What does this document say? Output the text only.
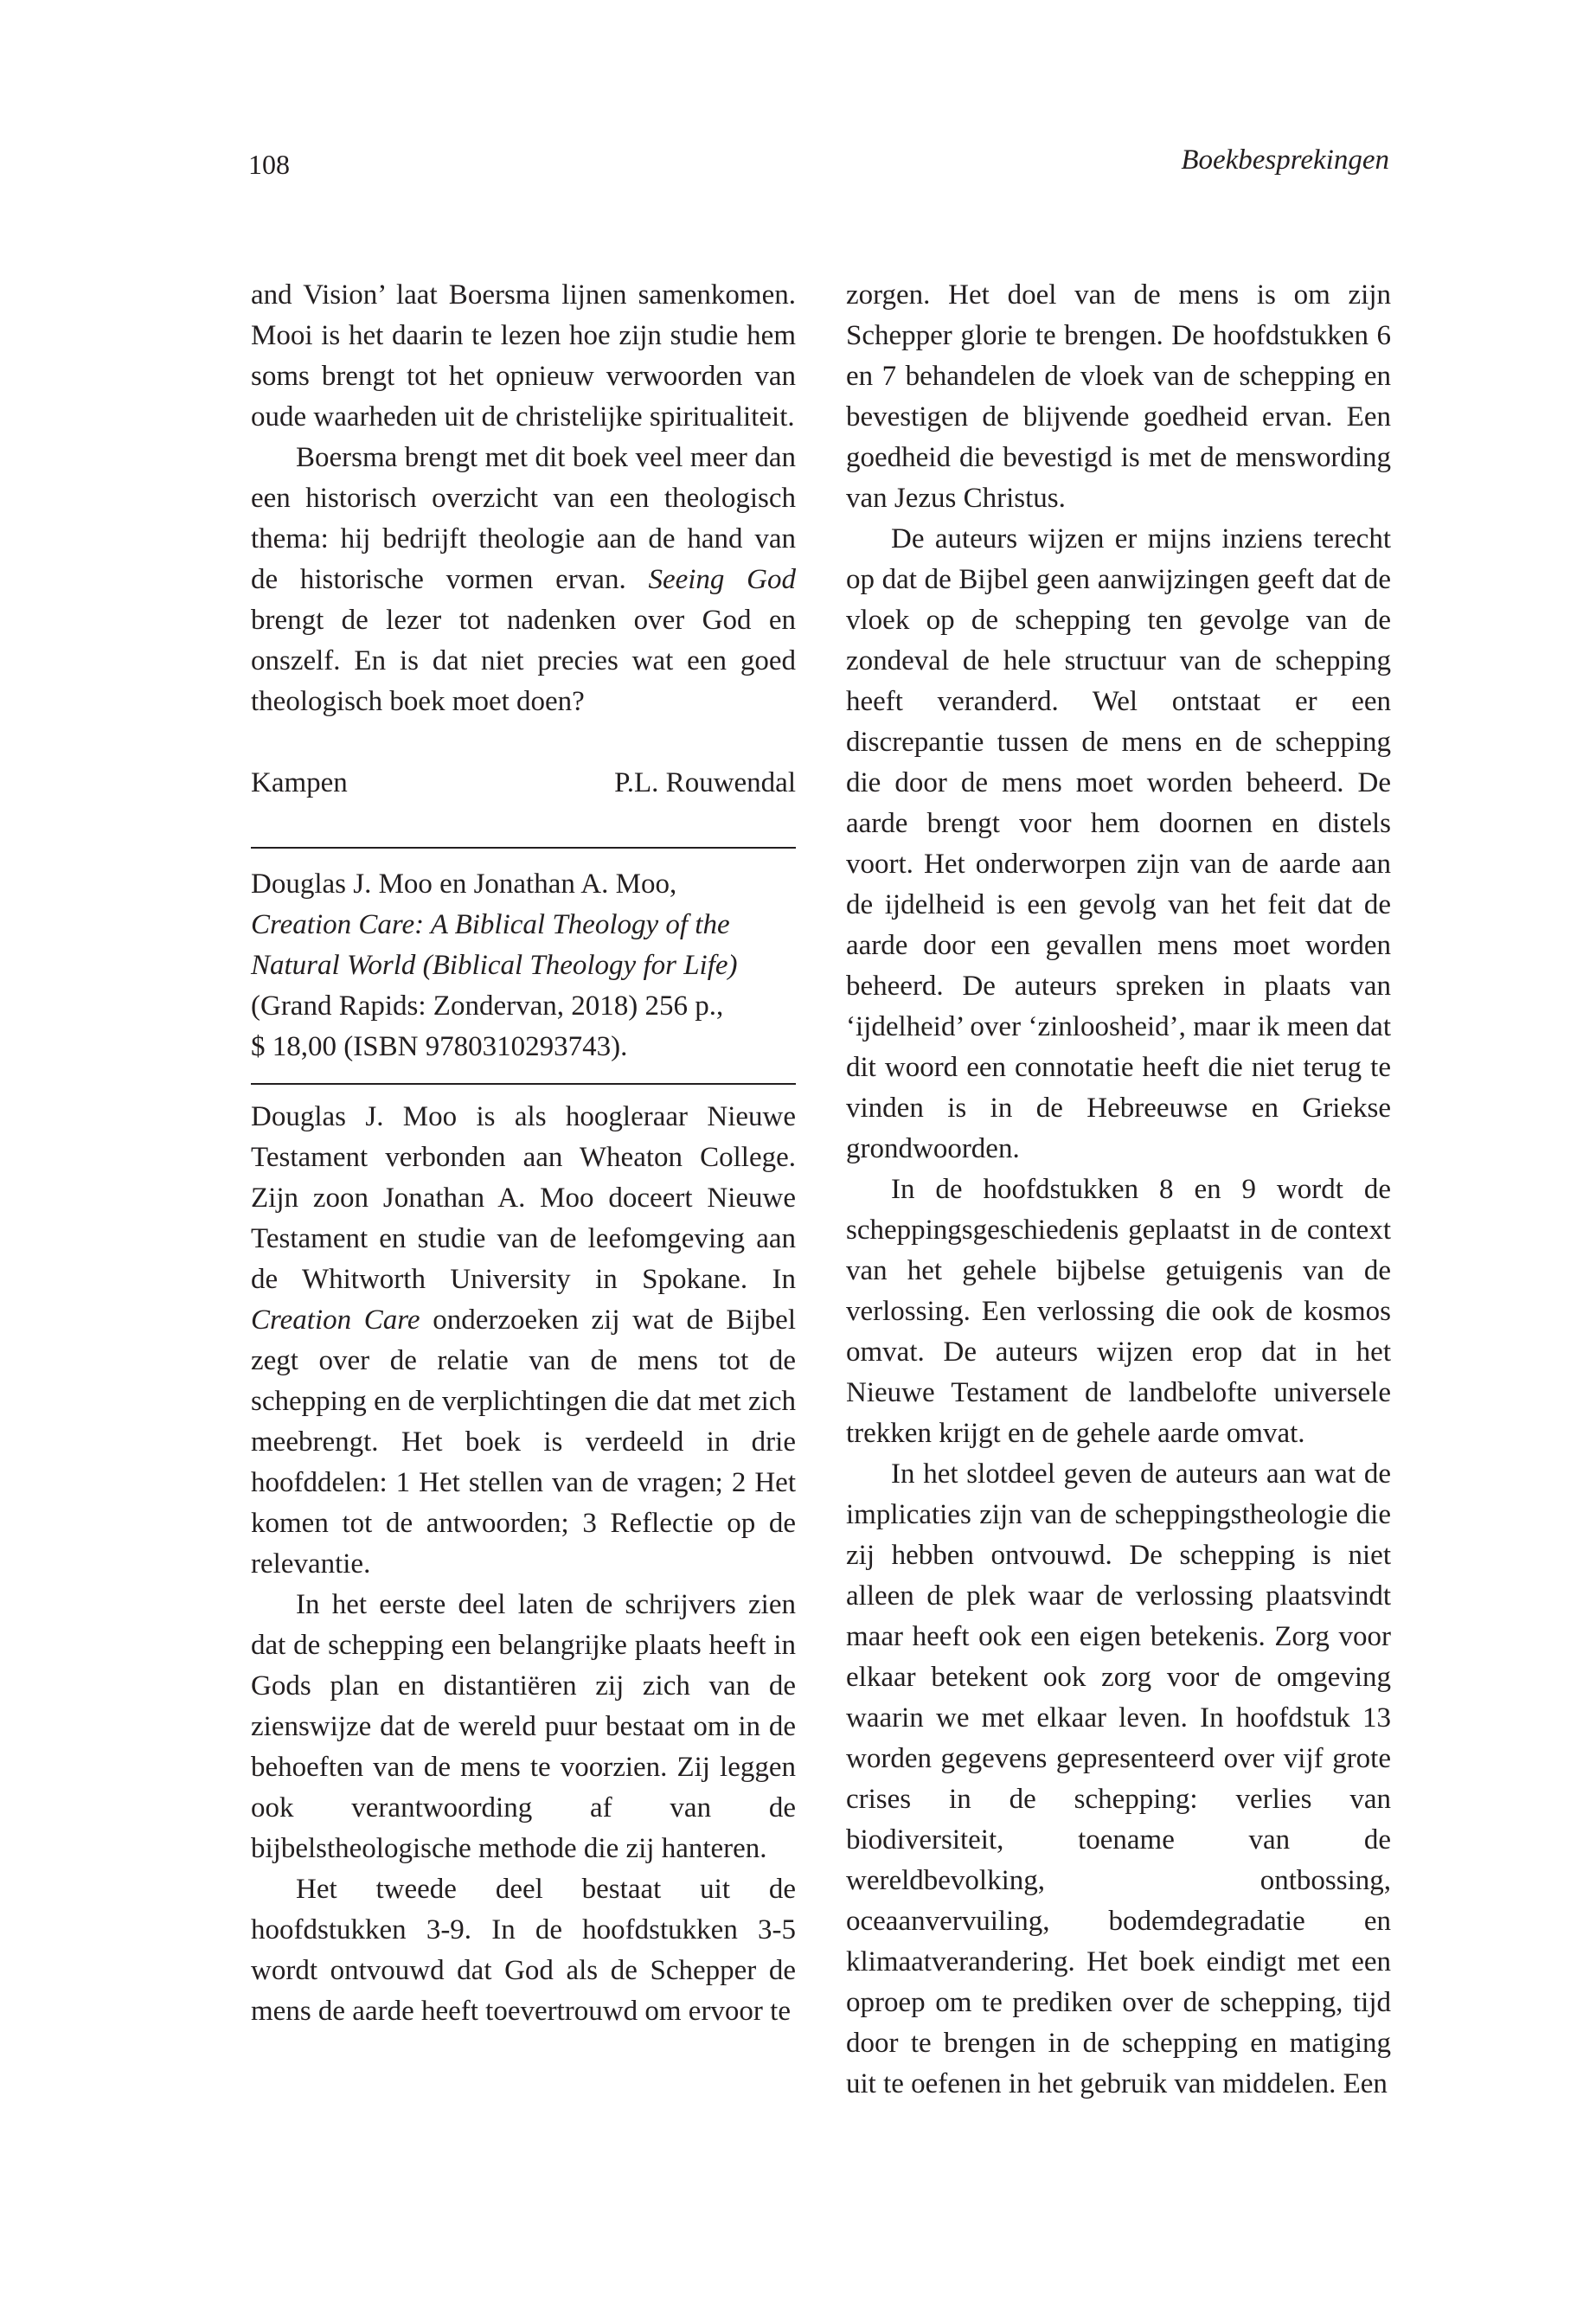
108	Boekbesprekingen

and Vision’ laat Boersma lijnen samenkomen. Mooi is het daarin te lezen hoe zijn studie hem soms brengt tot het opnieuw verwoorden van oude waarheden uit de christelijke spiritualiteit.

Boersma brengt met dit boek veel meer dan een historisch overzicht van een theologisch thema: hij bedrijft theologie aan de hand van de historische vormen ervan. Seeing God brengt de lezer tot nadenken over God en onszelf. En is dat niet precies wat een goed theologisch boek moet doen?

Kampen	P.L. Rouwendal
Douglas J. Moo en Jonathan A. Moo,
Creation Care: A Biblical Theology of the Natural World (Biblical Theology for Life)
(Grand Rapids: Zondervan, 2018) 256 p.,
$ 18,00 (ISBN 9780310293743).

Douglas J. Moo is als hoogleraar Nieuwe Testament verbonden aan Wheaton College. Zijn zoon Jonathan A. Moo doceert Nieuwe Testament en studie van de leefomgeving aan de Whitworth University in Spokane. In Creation Care onderzoeken zij wat de Bijbel zegt over de relatie van de mens tot de schepping en de verplichtingen die dat met zich meebrengt. Het boek is verdeeld in drie hoofddelen: 1 Het stellen van de vragen; 2 Het komen tot de antwoorden; 3 Reflectie op de relevantie.

In het eerste deel laten de schrijvers zien dat de schepping een belangrijke plaats heeft in Gods plan en distantiëren zij zich van de zienswijze dat de wereld puur bestaat om in de behoeften van de mens te voorzien. Zij leggen ook verantwoording af van de bijbelstheologische methode die zij hanteren.

Het tweede deel bestaat uit de hoofdstukken 3-9. In de hoofdstukken 3-5 wordt ontvouwd dat God als de Schepper de mens de aarde heeft toevertrouwd om ervoor te

zorgen. Het doel van de mens is om zijn Schepper glorie te brengen. De hoofdstukken 6 en 7 behandelen de vloek van de schepping en bevestigen de blijvende goedheid ervan. Een goedheid die bevestigd is met de menswording van Jezus Christus.

De auteurs wijzen er mijns inziens terecht op dat de Bijbel geen aanwijzingen geeft dat de vloek op de schepping ten gevolge van de zondeval de hele structuur van de schepping heeft veranderd. Wel ontstaat er een discrepantie tussen de mens en de schepping die door de mens moet worden beheerd. De aarde brengt voor hem doornen en distels voort. Het onderworpen zijn van de aarde aan de ijdelheid is een gevolg van het feit dat de aarde door een gevallen mens moet worden beheerd. De auteurs spreken in plaats van ‘ijdelheid’ over ‘zinloosheid’, maar ik meen dat dit woord een connotatie heeft die niet terug te vinden is in de Hebreeuwse en Griekse grondwoorden.

In de hoofdstukken 8 en 9 wordt de scheppingsgeschiedenis geplaatst in de context van het gehele bijbelse getuigenis van de verlossing. Een verlossing die ook de kosmos omvat. De auteurs wijzen erop dat in het Nieuwe Testament de landbelofte universele trekken krijgt en de gehele aarde omvat.

In het slotdeel geven de auteurs aan wat de implicaties zijn van de scheppingstheologie die zij hebben ontvouwd. De schepping is niet alleen de plek waar de verlossing plaatsvindt maar heeft ook een eigen betekenis. Zorg voor elkaar betekent ook zorg voor de omgeving waarin we met elkaar leven. In hoofdstuk 13 worden gegevens gepresenteerd over vijf grote crises in de schepping: verlies van biodiversiteit, toename van de wereldbevolking, ontbossing, oceaanvervuiling, bodemdegradatie en klimaatverandering. Het boek eindigt met een oproep om te prediken over de schepping, tijd door te brengen in de schepping en matiging uit te oefenen in het gebruik van middelen. Een
